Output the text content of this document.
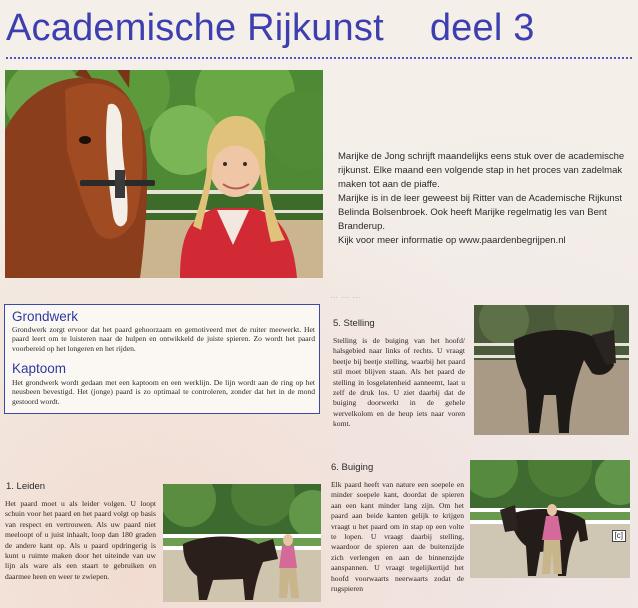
... ... ...
Academische Rijkunst deel 3

Marijke de Jong schrijft maandelijks eens stuk over de academische rijkunst. Elke maand een volgende stap in het proces van zadelmak maken tot aan de piaffe.

Marijke is in de leer geweest bij Ritter van de Academische Rijkunst Belinda Bolsenbroek. Ook heeft Marijke regelmatig les van Bent Branderup.

Kijk voor meer informatie op www.paardenbegrijpen.nl

Grondwerk
Grondwerk zorgt ervoor dat het paard gehoorzaam en gemotiveerd met de ruiter meewerkt. Het paard leert om te luisteren naar de hulpen en ontwikkeld de juiste spieren. Zo wordt het paard voorbereid op het longeren en het rijden.
Kaptoom
Het grondwerk wordt gedaan met een kaptoom en een werklijn. De lijn wordt aan de ring op het neusbeen bevestigd. Het (jonge) paard is zo optimaal te controleren, zonder dat het in de mond gestoord wordt.
5. Stelling
Stelling is de buiging van het hoofd/ halsgebied naar links of rechts. U vraagt beetje bij beetje stelling, waarbij het paard stil moet blijven staan. Als het paard de stelling in losgelatenheid aanneemt, laat u zelf de druk los. U ziet daarbij dat de buiging doorwerkt in de gehele wervelkolom en de heup iets naar voren komt.
6. Buiging
Elk paard heeft van nature een soepele en minder soepele kant, doordat de spieren aan een kant minder lang zijn. Om het paard aan beide kanten gelijk te krijgen vraagt u het paard om in stap op een volte te lopen. U vraagt daarbij stelling, waardoor de spieren aan de buitenzijde zich verlengen en aan de binnenzijde aanspannen. U vraagt tegelijkertijd het hoofd voorwaarts neerwaarts zodat de rugspieren
[c]
1. Leiden
Het paard moet u als leider volgen. U loopt schuin voor het paard en het paard volgt op basis van respect en vertrouwen. Als uw paard niet meeloopt of u juist inhaalt, loop dan 180 graden de andere kant op. Als u paard opdringerig is kunt u ruimte maken door het uiteinde van uw lijn als ware als een staart te gebruiken en daarmee heen en weer te zwiepen.
